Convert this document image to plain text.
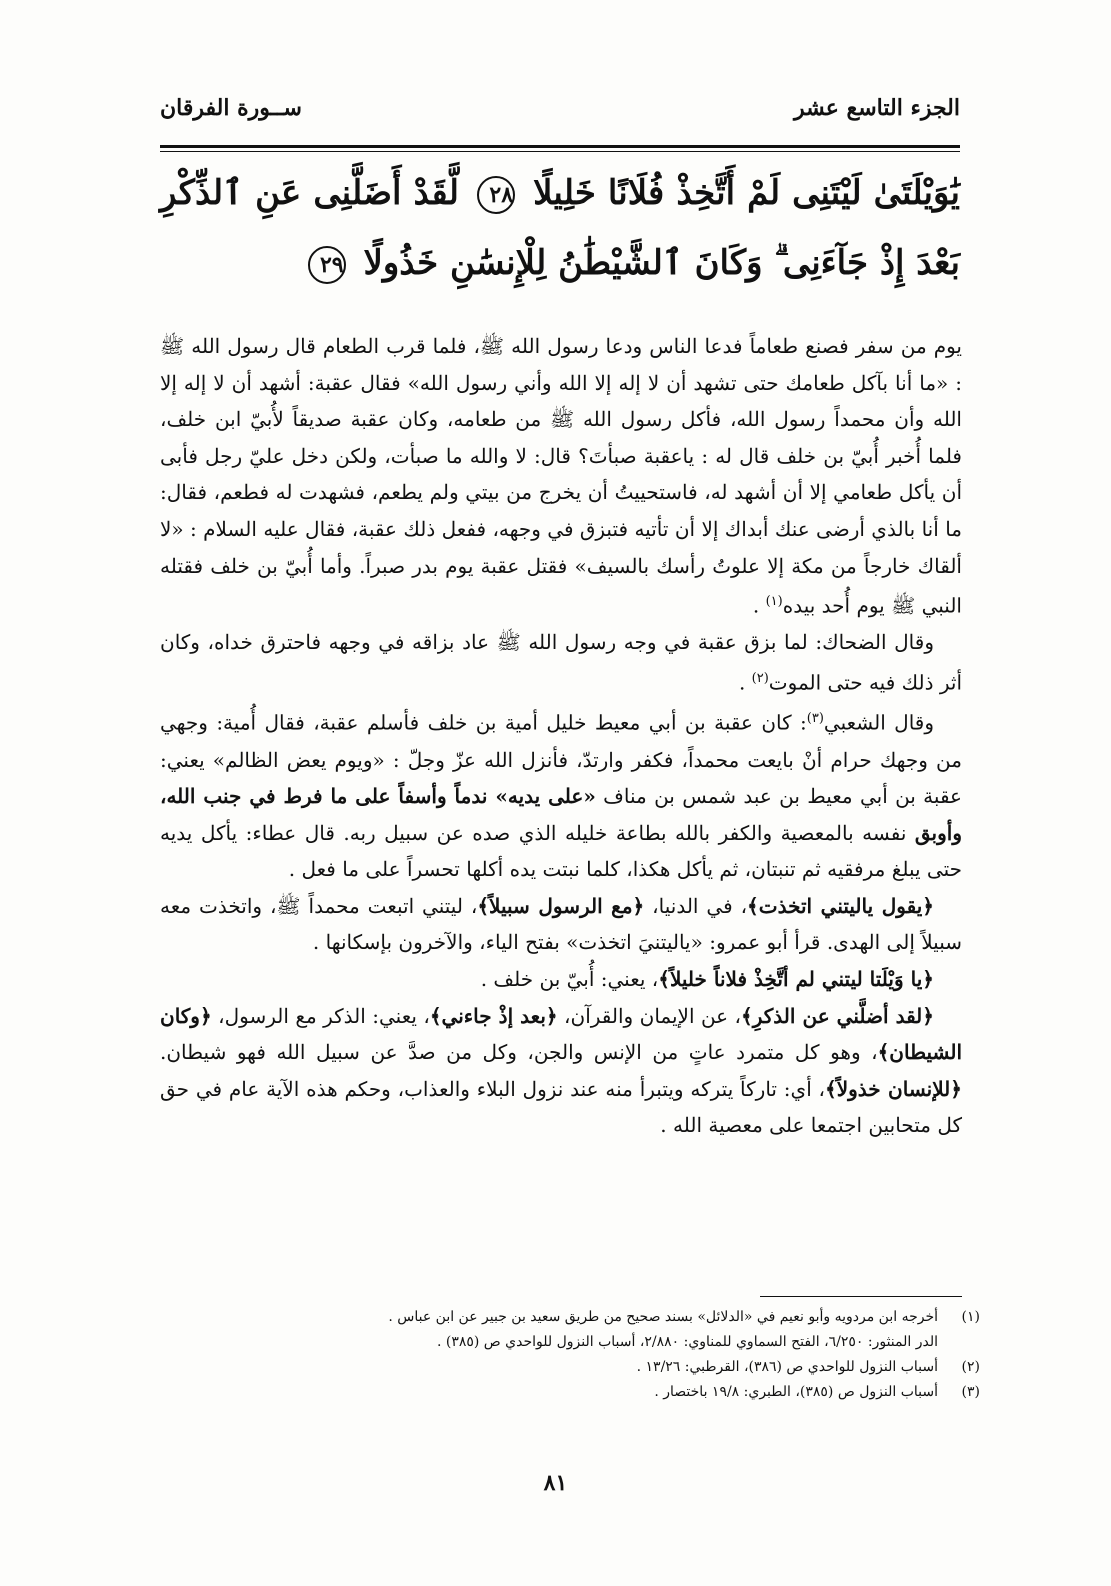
الجزء التاسع عشر
ســورة الفرقان
يَٰوَيْلَتَىٰ لَيْتَنِى لَمْ أَتَّخِذْ فُلَانًا خَلِيلًا ٢٨ لَّقَدْ أَضَلَّنِى عَنِ ٱلذِّكْرِ بَعْدَ إِذْ جَآءَنِى ۗ وَكَانَ ٱلشَّيْطَٰنُ لِلْإِنسَٰنِ خَذُولًا ٢٩

يوم من سفر فصنع طعاماً فدعا الناس ودعا رسول الله ﷺ، فلما قرب الطعام قال رسول الله ﷺ : «ما أنا بآكل طعامك حتى تشهد أن لا إله إلا الله وأني رسول الله» فقال عقبة: أشهد أن لا إله إلا الله وأن محمداً رسول الله، فأكل رسول الله ﷺ من طعامه، وكان عقبة صديقاً لأُبيّ ابن خلف، فلما أُخبر أُبيّ بن خلف قال له : ياعقبة صبأتَ؟ قال: لا والله ما صبأت، ولكن دخل عليّ رجل فأبى أن يأكل طعامي إلا أن أشهد له، فاستحييتُ أن يخرج من بيتي ولم يطعم، فشهدت له فطعم، فقال: ما أنا بالذي أرضى عنك أبداك إلا أن تأتيه فتبزق في وجهه، ففعل ذلك عقبة، فقال عليه السلام : «لا ألقاك خارجاً من مكة إلا علوتُ رأسك بالسيف» فقتل عقبة يوم بدر صبراً. وأما أُبيّ بن خلف فقتله النبي ﷺ يوم أُحد بيده$^{(١)}$ .

وقال الضحاك: لما بزق عقبة في وجه رسول الله ﷺ عاد بزاقه في وجهه فاحترق خداه، وكان أثر ذلك فيه حتى الموت$^{(٢)}$ .

وقال الشعبي$^{(٣)}$: كان عقبة بن أبي معيط خليل أمية بن خلف فأسلم عقبة، فقال أُمية: وجهي من وجهك حرام أنْ بايعت محمداً، فكفر وارتدّ، فأنزل الله عزّ وجلّ : «ويوم يعض الظالم» يعني: عقبة بن أبي معيط بن عبد شمس بن مناف «على يديه» ندماً وأسفاً على ما فرط في جنب الله، وأوبق نفسه بالمعصية والكفر بالله بطاعة خليله الذي صده عن سبيل ربه. قال عطاء: يأكل يديه حتى يبلغ مرفقيه ثم تنبتان، ثم يأكل هكذا، كلما نبتت يده أكلها تحسراً على ما فعل .

﴿يقول ياليتني اتخذت﴾، في الدنيا، ﴿مع الرسول سبيلاً﴾، ليتني اتبعت محمداً ﷺ، واتخذت معه سبيلاً إلى الهدى. قرأ أبو عمرو: «ياليتنيَ اتخذت» بفتح الياء، والآخرون بإسكانها .

﴿يا وَيْلَتا ليتني لم أتَّخِذْ فلاناً خليلاً﴾، يعني: أُبيّ بن خلف .

﴿لقد أضلَّني عن الذكرِ﴾، عن الإيمان والقرآن، ﴿بعد إذْ جاءني﴾، يعني: الذكر مع الرسول، ﴿وكان الشيطان﴾، وهو كل متمرد عاتٍ من الإنس والجن، وكل من صدَّ عن سبيل الله فهو شيطان. ﴿للإنسان خذولاً﴾، أي: تاركاً يتركه ويتبرأ منه عند نزول البلاء والعذاب، وحكم هذه الآية عام في حق كل متحابين اجتمعا على معصية الله .

(١)
أخرجه ابن مردويه وأبو نعيم في «الدلائل» بسند صحيح من طريق سعيد بن جبير عن ابن عباس .
الدر المنثور: ٦/٢٥٠، الفتح السماوي للمناوي: ٢/٨٨٠، أسباب النزول للواحدي ص (٣٨٥) .
(٢)
أسباب النزول للواحدي ص (٣٨٦)، القرطبي: ١٣/٢٦ .
(٣)
أسباب النزول ص (٣٨٥)، الطبري: ١٩/٨ باختصار .
٨١
